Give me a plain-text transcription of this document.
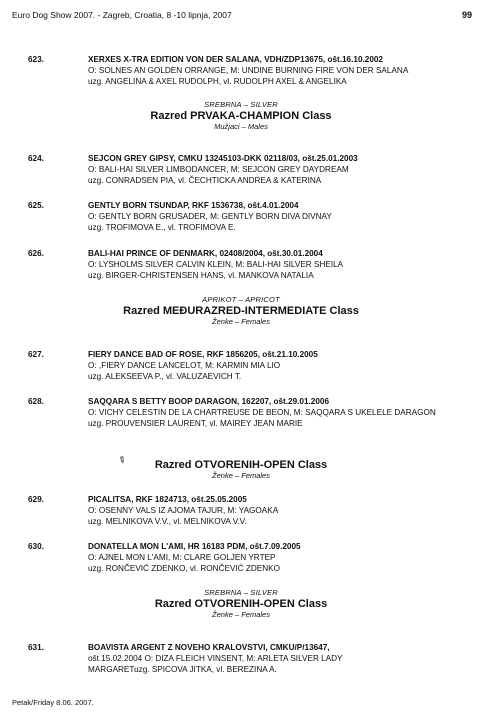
Euro Dog Show 2007. - Zagreb, Croatia, 8 -10 lipnja, 2007	99
623.	XERXES X-TRA EDITION VON DER SALANA, VDH/ZDP13675, ošt.16.10.2002
O: SOLNES AN GOLDEN ORRANGE, M: UNDINE BURNING FIRE VON DER SALANA
uzg. ANGELINA & AXEL RUDOLPH, vl. RUDOLPH AXEL & ANGELIKA
SREBRNA – SILVER
Razred PRVAKA-CHAMPION Class
Mužjaci – Males
624.	SEJCON GREY GIPSY, CMKU 13245103-DKK 02118/03, ošt.25.01.2003
O: BALI-HAI SILVER LIMBODANCER, M: SEJCON GREY DAYDREAM
uzg. CONRADSEN PIA, vl. ČECHTICKA ANDREA & KATERINA
625.	GENTLY BORN TSUNDAP, RKF 1536738, ošt.4.01.2004
O: GENTLY BORN GRUSADER, M: GENTLY BORN DIVA DIVNAY
uzg. TROFIMOVA E., vl. TROFIMOVA E.
626.	BALI-HAI PRINCE OF DENMARK, 02408/2004, ošt.30.01.2004
O: LYSHOLMS SILVER CALVIN KLEIN, M: BALI-HAI SILVER SHEILA
uzg. BIRGER-CHRISTENSEN HANS, vl. MANKOVA NATALIA
APRIKOT – APRICOT
Razred MEĐURAZRED-INTERMEDIATE Class
Ženke – Females
627.	FIERY DANCE BAD OF ROSE, RKF 1856205, ošt.21.10.2005
O: ,FIERY DANCE LANCELOT, M: KARMIN MIA LIO
uzg. ALEKSEEVA P., vl. VALUZAEVICH T.
628.	SAQQARA S BETTY BOOP DARAGON, 162207, ošt.29.01.2006
O: VICHY CELESTIN DE LA CHARTREUSE DE BEON, M: SAQQARA S UKELELE DARAGON
uzg. PROUVENSIER LAURENT, vl. MAIREY JEAN MARIE
✎	Razred OTVORENIH-OPEN Class
Ženke – Females
629.	PICALITSA, RKF 1824713, ošt.25.05.2005
O: OSENNY VALS IZ AJOMA TAJUR, M: YAGOAKA
uzg. MELNIKOVA V.V., vl. MELNIKOVA V.V.
630.	DONATELLA MON L'AMI, HR 16183 PDM, ošt.7.09.2005
O: AJNEL MON L'AMI, M: CLARE GOLJEN YRTEP
uzg. RONČEVIĆ ZDENKO, vl. RONČEVIĆ ZDENKO
SREBRNA – SILVER
Razred OTVORENIH-OPEN Class
Ženke – Females
631.	BOAVISTA ARGENT Z NOVEHO KRALOVSTVI, CMKU/P/13647,
ošt.15.02.2004 O: DIZA FLEICH VINSENT, M: ARLETA SILVER LADY
MARGARETuzg. SPICOVA JITKA, vl. BEREZINA A.
Petak/Friday 8.06. 2007.
